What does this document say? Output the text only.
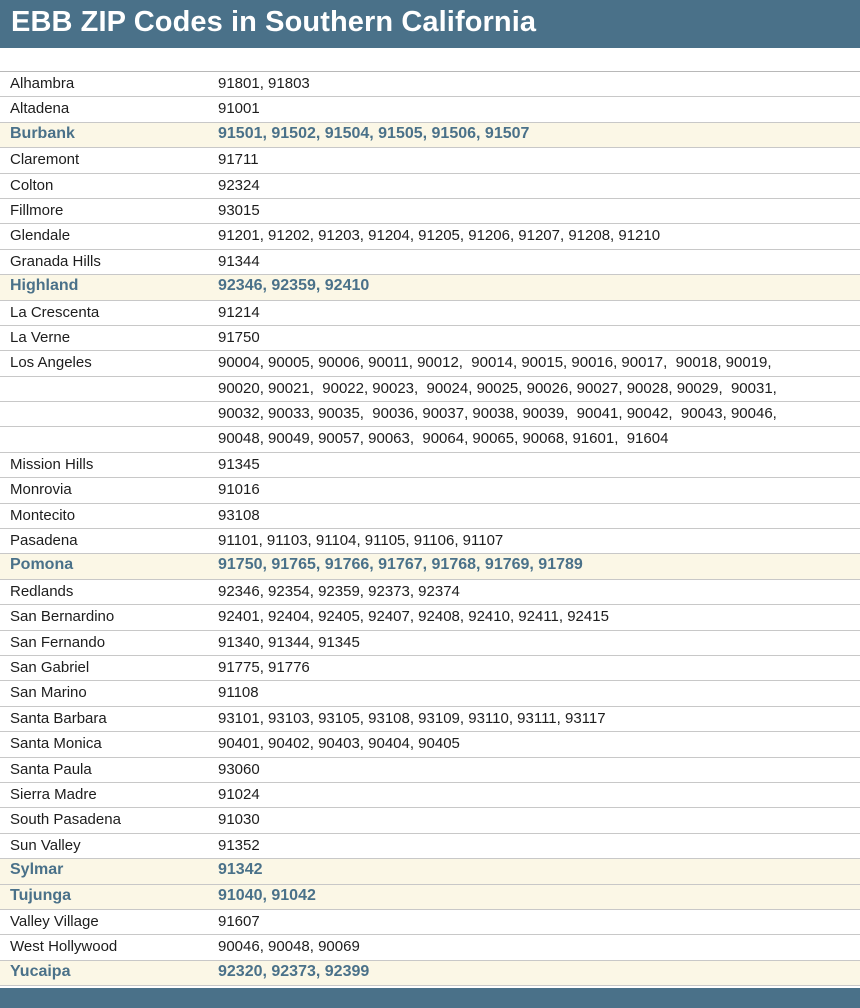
EBB ZIP Codes in Southern California
Alhambra	91801, 91803
Altadena	91001
Burbank	91501, 91502, 91504, 91505, 91506, 91507
Claremont	91711
Colton	92324
Fillmore	93015
Glendale	91201, 91202, 91203, 91204, 91205, 91206, 91207, 91208, 91210
Granada Hills	91344
Highland	92346, 92359, 92410
La Crescenta	91214
La Verne	91750
Los Angeles	90004, 90005, 90006, 90011, 90012,  90014, 90015, 90016, 90017,  90018, 90019,
90020, 90021,  90022, 90023,  90024, 90025, 90026, 90027, 90028, 90029,  90031,
90032, 90033, 90035,  90036, 90037, 90038, 90039,  90041, 90042,  90043, 90046,
90048, 90049, 90057, 90063,  90064, 90065, 90068, 91601,  91604
Mission Hills	91345
Monrovia	91016
Montecito	93108
Pasadena	91101, 91103, 91104, 91105, 91106, 91107
Pomona	91750, 91765, 91766, 91767, 91768, 91769, 91789
Redlands	92346, 92354, 92359, 92373, 92374
San Bernardino	92401, 92404, 92405, 92407, 92408, 92410, 92411, 92415
San Fernando	91340, 91344, 91345
San Gabriel	91775, 91776
San Marino	91108
Santa Barbara	93101, 93103, 93105, 93108, 93109, 93110, 93111, 93117
Santa Monica	90401, 90402, 90403, 90404, 90405
Santa Paula	93060
Sierra Madre	91024
South Pasadena	91030
Sun Valley	91352
Sylmar	91342
Tujunga	91040, 91042
Valley Village	91607
West Hollywood	90046, 90048, 90069
Yucaipa	92320, 92373, 92399
